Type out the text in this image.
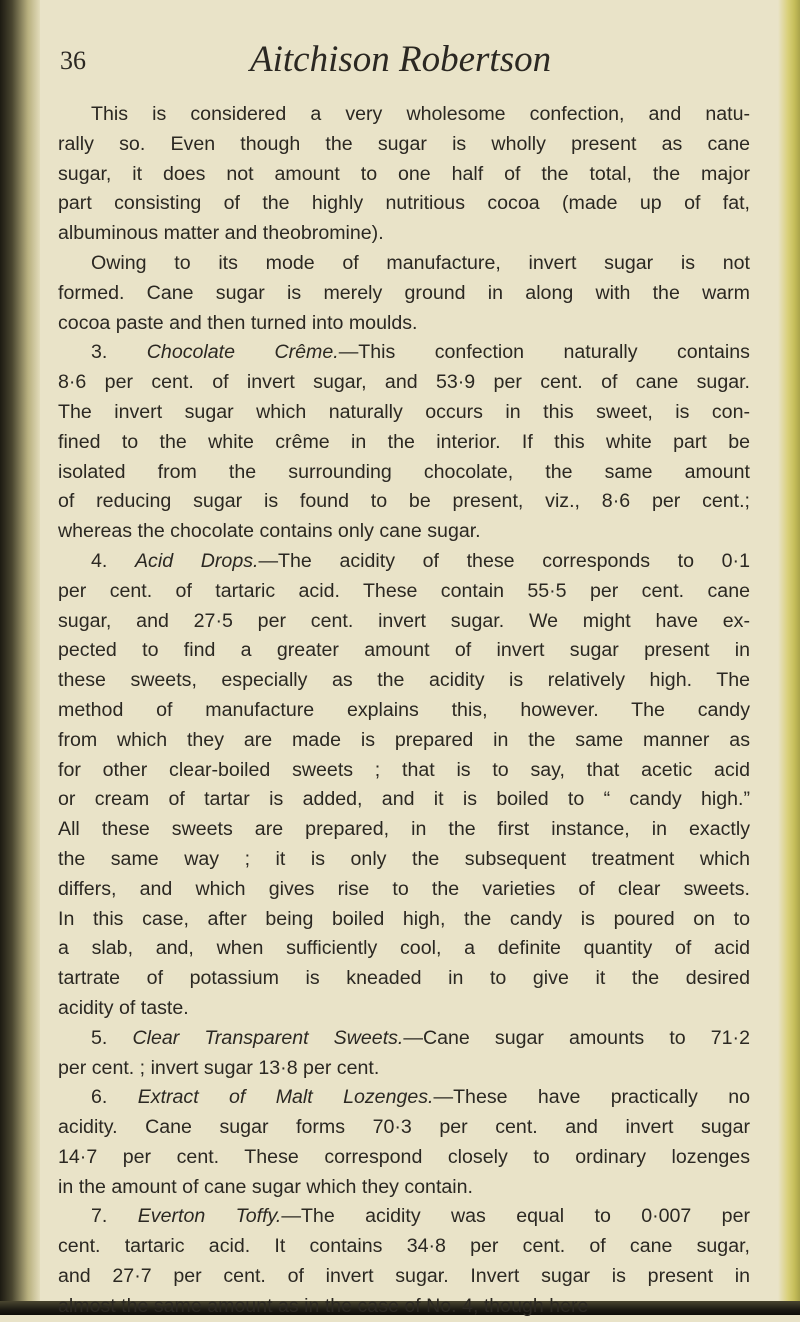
36	Aitchison Robertson
This is considered a very wholesome confection, and natu-
rally so. Even though the sugar is wholly present as cane
sugar, it does not amount to one half of the total, the major
part consisting of the highly nutritious cocoa (made up of fat,
albuminous matter and theobromine).
Owing to its mode of manufacture, invert sugar is not
formed. Cane sugar is merely ground in along with the warm
cocoa paste and then turned into moulds.
3. Chocolate Crême.—This confection naturally contains
8·6 per cent. of invert sugar, and 53·9 per cent. of cane sugar.
The invert sugar which naturally occurs in this sweet, is con-
fined to the white crême in the interior. If this white part be
isolated from the surrounding chocolate, the same amount
of reducing sugar is found to be present, viz., 8·6 per cent.;
whereas the chocolate contains only cane sugar.
4. Acid Drops.—The acidity of these corresponds to 0·1
per cent. of tartaric acid. These contain 55·5 per cent. cane
sugar, and 27·5 per cent. invert sugar. We might have ex-
pected to find a greater amount of invert sugar present in
these sweets, especially as the acidity is relatively high. The
method of manufacture explains this, however. The candy
from which they are made is prepared in the same manner as
for other clear-boiled sweets ; that is to say, that acetic acid
or cream of tartar is added, and it is boiled to “ candy high.”
All these sweets are prepared, in the first instance, in exactly
the same way ; it is only the subsequent treatment which
differs, and which gives rise to the varieties of clear sweets.
In this case, after being boiled high, the candy is poured on to
a slab, and, when sufficiently cool, a definite quantity of acid
tartrate of potassium is kneaded in to give it the desired
acidity of taste.
5. Clear Transparent Sweets.—Cane sugar amounts to 71·2
per cent. ; invert sugar 13·8 per cent.
6. Extract of Malt Lozenges.—These have practically no
acidity. Cane sugar forms 70·3 per cent. and invert sugar
14·7 per cent. These correspond closely to ordinary lozenges
in the amount of cane sugar which they contain.
7. Everton Toffy.—The acidity was equal to 0·007 per
cent. tartaric acid. It contains 34·8 per cent. of cane sugar,
and 27·7 per cent. of invert sugar. Invert sugar is present in
almost the same amount as in the case of No. 4, though here
